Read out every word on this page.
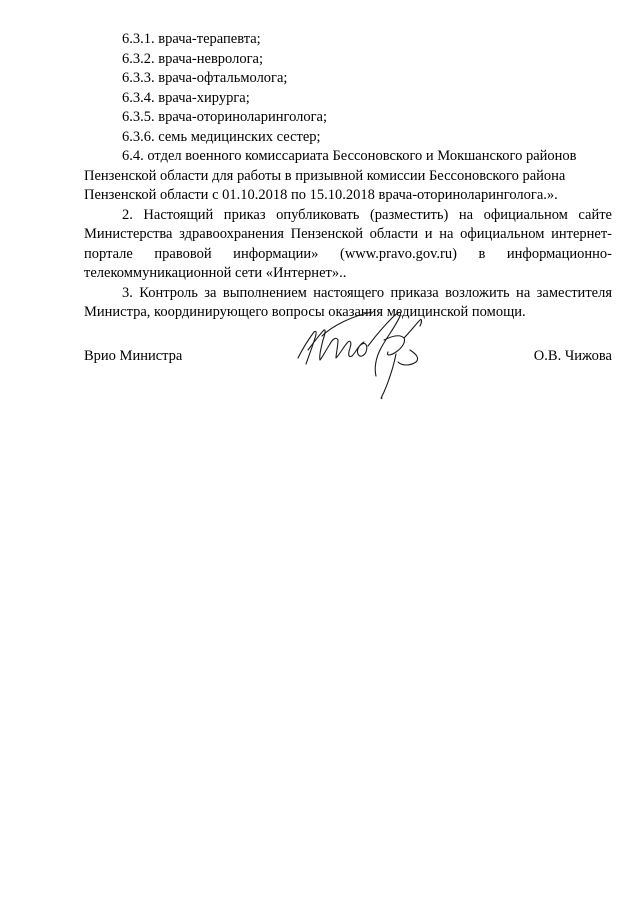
6.3.1. врача-терапевта;
6.3.2. врача-невролога;
6.3.3. врача-офтальмолога;
6.3.4. врача-хирурга;
6.3.5. врача-оториноларинголога;
6.3.6. семь медицинских сестер;
6.4. отдел военного комиссариата Бессоновского и Мокшанского районов Пензенской области для работы в призывной комиссии Бессоновского района Пензенской области с 01.10.2018 по 15.10.2018 врача-оториноларинголога.».
2. Настоящий приказ опубликовать (разместить) на официальном сайте Министерства здравоохранения Пензенской области и на официальном интернет-портале правовой информации» (www.pravo.gov.ru) в информационно-телекоммуникационной сети «Интернет»..
3. Контроль за выполнением настоящего приказа возложить на заместителя Министра, координирующего вопросы оказания медицинской помощи.
Врио Министра	О.В. Чижова
